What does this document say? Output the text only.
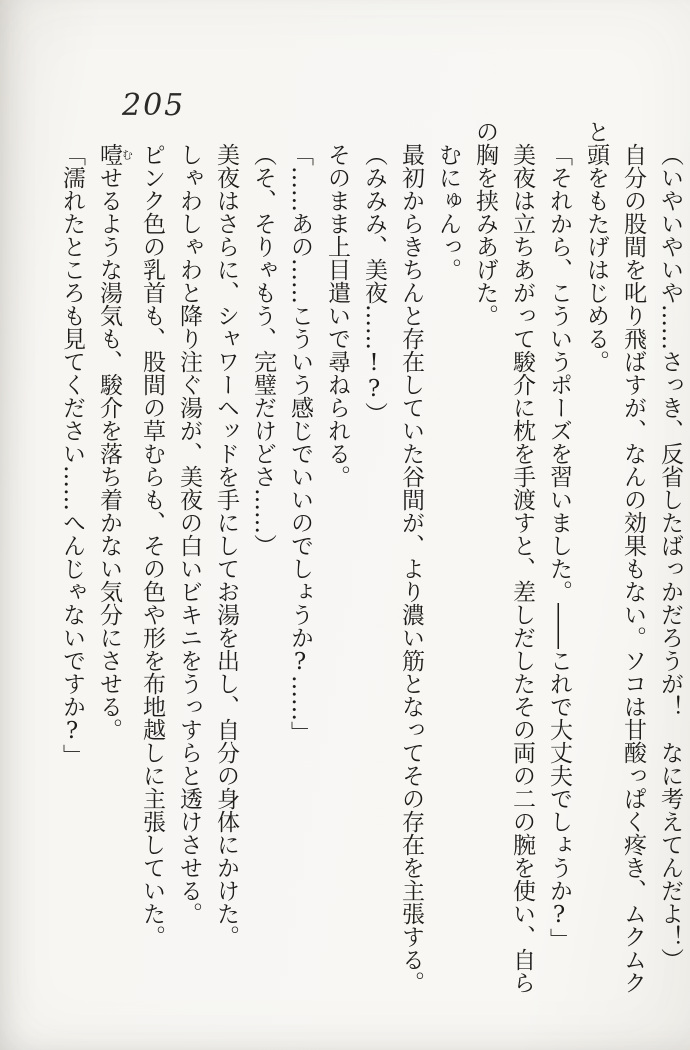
205
（いやいやいや……さっき、反省したばっかだろうが！　なに考えてんだよ！）
自分の股間を叱り飛ばすが、なんの効果もない。ソコは甘酸っぱく疼き、ムクムク
と頭をもたげはじめる。
「それから、こういうポーズを習いました。――これで大丈夫でしょうか?」
美夜は立ちあがって駿介に枕を手渡すと、差しだしたその両の二の腕を使い、自ら
の胸を挟みあげた。
むにゅんっ。
最初からきちんと存在していた谷間が、より濃い筋となってその存在を主張する。
（みみみ、美夜……!?）
そのまま上目遣いで尋ねられる。
「……あの……こういう感じでいいのでしょうか?……」
（そ、そりゃもう、完璧だけどさ……）
美夜はさらに、シャワーヘッドを手にしてお湯を出し、自分の身体にかけた。
しゃわしゃわと降り注ぐ湯が、美夜の白いビキニをうっすらと透けさせる。
ピンク色の乳首も、股間の草むらも、その色や形を布地越しに主張していた。
噎むせるような湯気も、駿介を落ち着かない気分にさせる。
「濡れたところも見てください……へんじゃないですか?」
